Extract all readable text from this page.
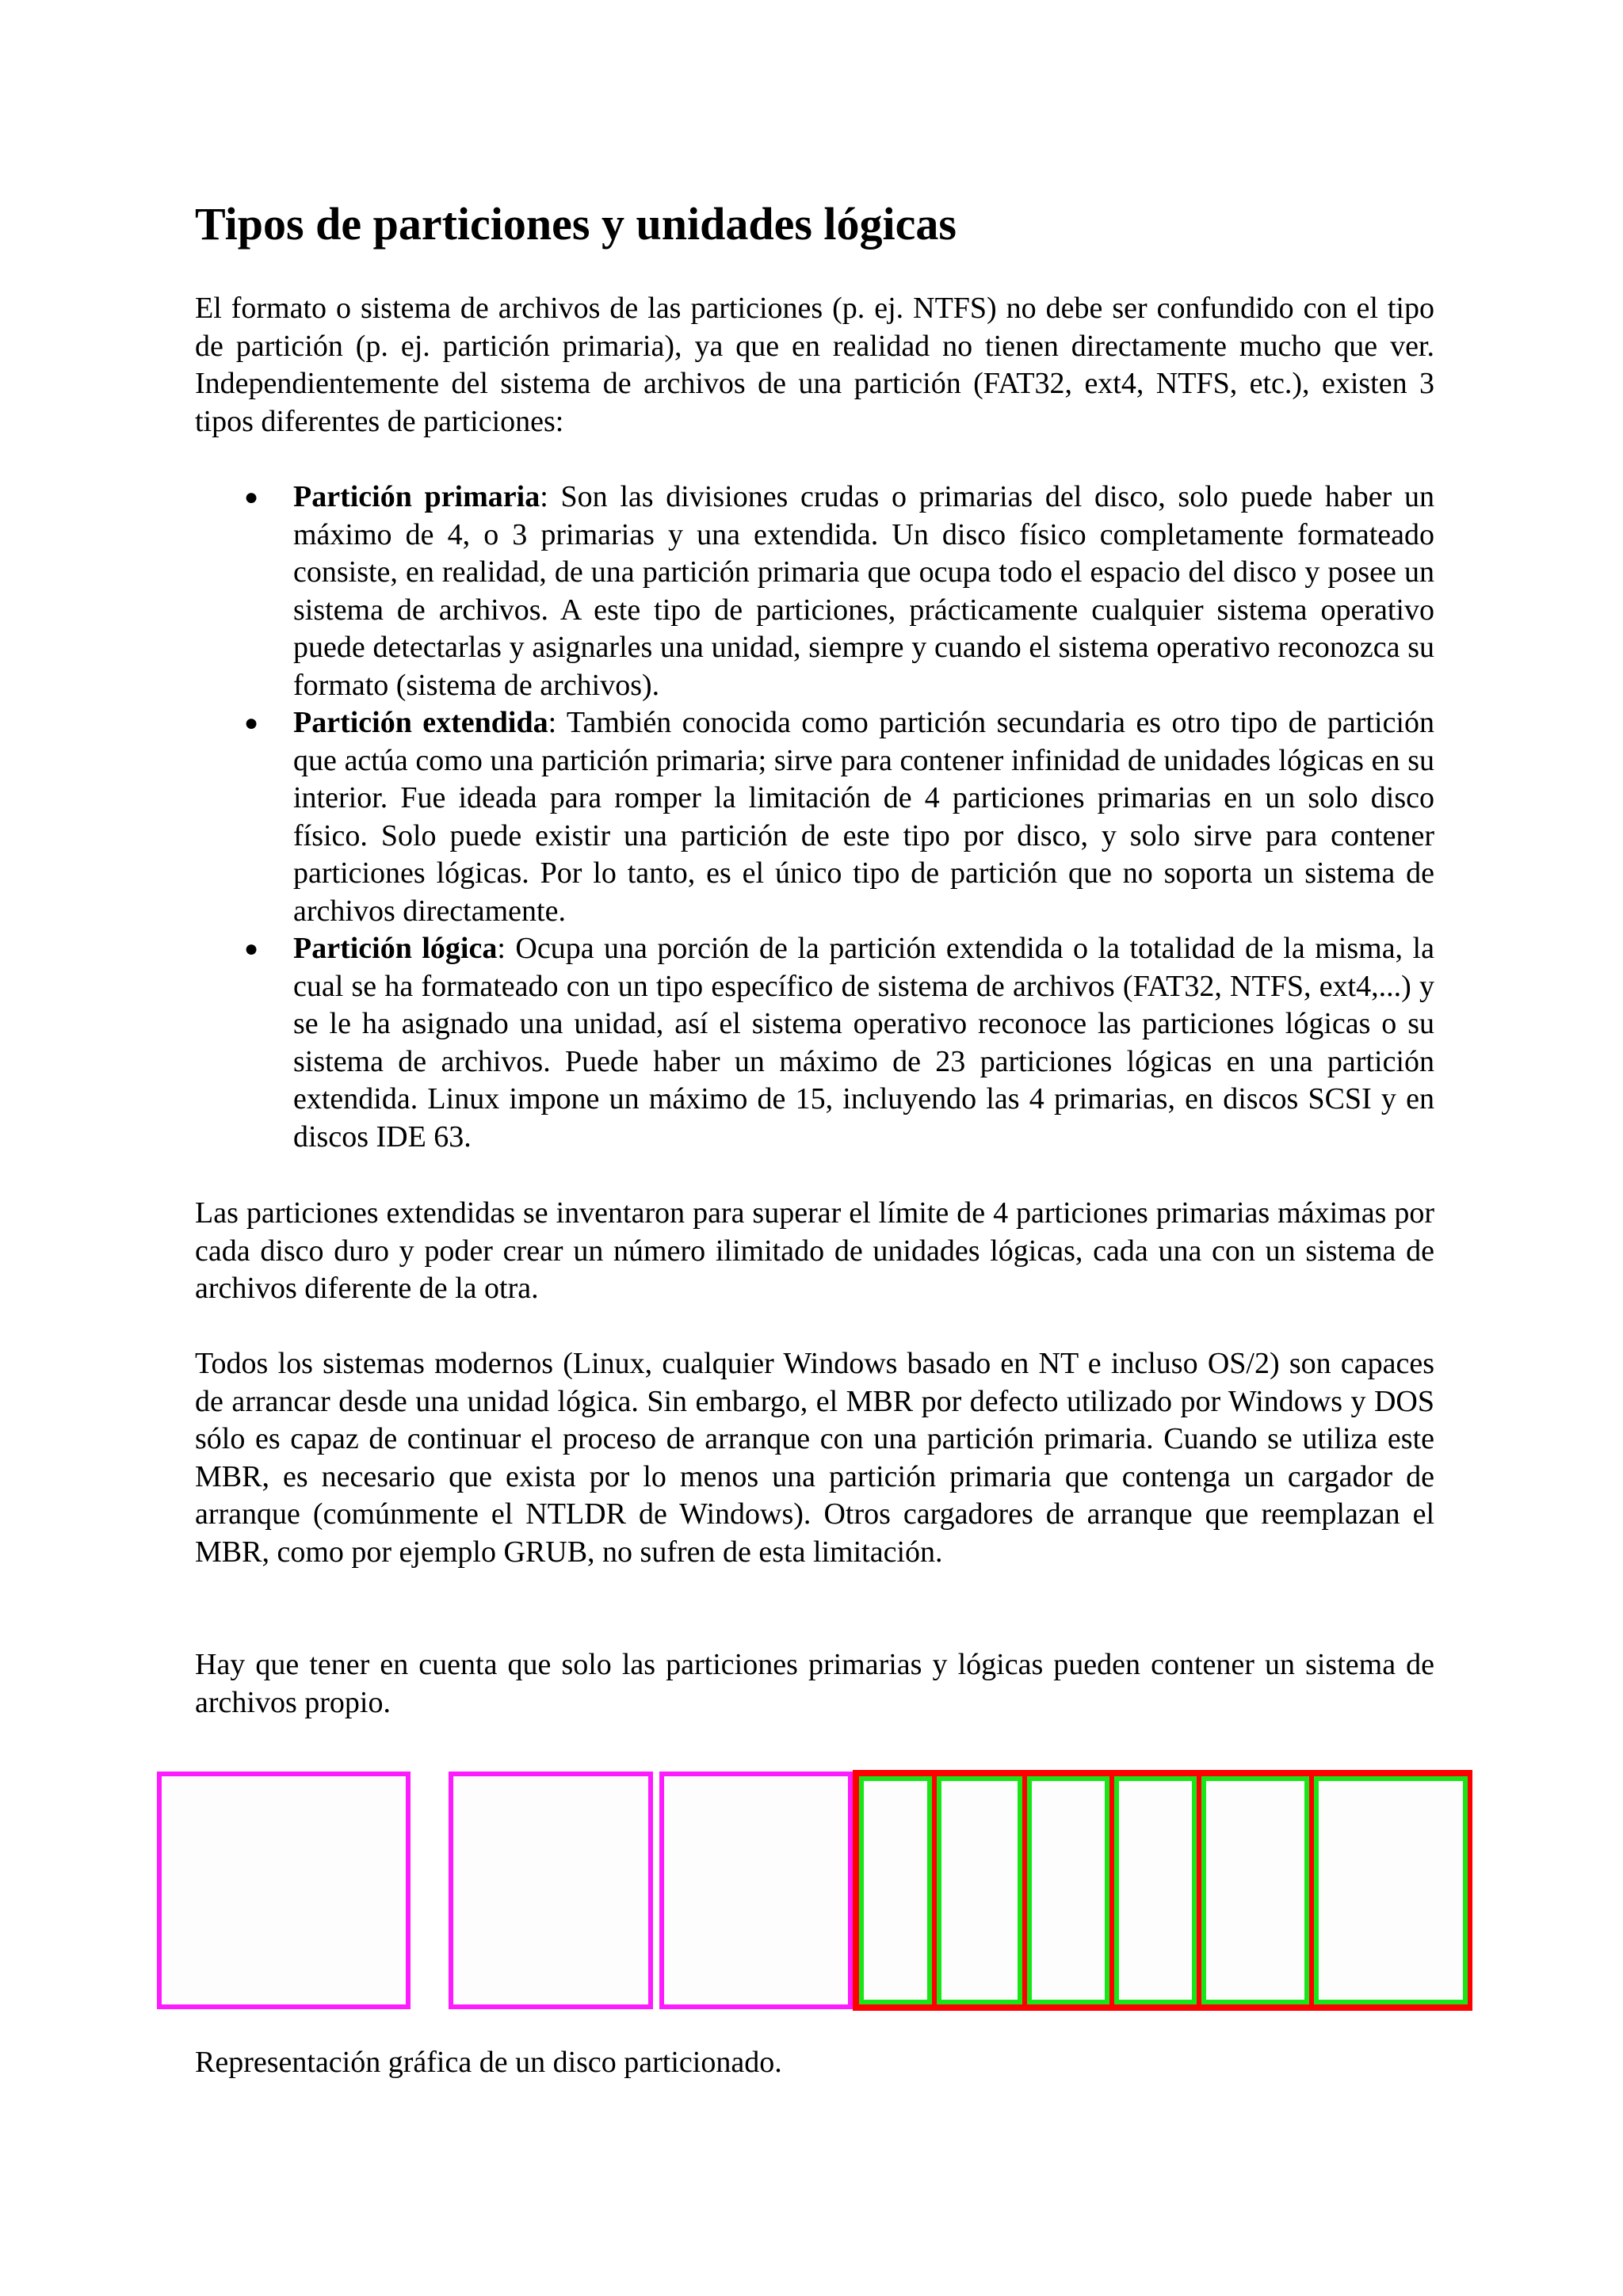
Tipos de particiones y unidades lógicas

El formato o sistema de archivos de las particiones (p. ej. NTFS) no debe ser confundido con el tipo de partición (p. ej. partición primaria), ya que en realidad no tienen directamente mucho que ver. Independientemente del sistema de archivos de una partición (FAT32, ext4, NTFS, etc.), existen 3 tipos diferentes de particiones:

● Partición primaria: Son las divisiones crudas o primarias del disco, solo puede haber un máximo de 4, o 3 primarias y una extendida. Un disco físico completamente formateado consiste, en realidad, de una partición primaria que ocupa todo el espacio del disco y posee un sistema de archivos. A este tipo de particiones, prácticamente cualquier sistema operativo puede detectarlas y asignarles una unidad, siempre y cuando el sistema operativo reconozca su formato (sistema de archivos).
● Partición extendida: También conocida como partición secundaria es otro tipo de partición que actúa como una partición primaria; sirve para contener infinidad de unidades lógicas en su interior. Fue ideada para romper la limitación de 4 particiones primarias en un solo disco físico. Solo puede existir una partición de este tipo por disco, y solo sirve para contener particiones lógicas. Por lo tanto, es el único tipo de partición que no soporta un sistema de archivos directamente.
● Partición lógica: Ocupa una porción de la partición extendida o la totalidad de la misma, la cual se ha formateado con un tipo específico de sistema de archivos (FAT32, NTFS, ext4,...) y se le ha asignado una unidad, así el sistema operativo reconoce las particiones lógicas o su sistema de archivos. Puede haber un máximo de 23 particiones lógicas en una partición extendida. Linux impone un máximo de 15, incluyendo las 4 primarias, en discos SCSI y en discos IDE 63.

Las particiones extendidas se inventaron para superar el límite de 4 particiones primarias máximas por cada disco duro y poder crear un número ilimitado de unidades lógicas, cada una con un sistema de archivos diferente de la otra.

Todos los sistemas modernos (Linux, cualquier Windows basado en NT e incluso OS/2) son capaces de arrancar desde una unidad lógica. Sin embargo, el MBR por defecto utilizado por Windows y DOS sólo es capaz de continuar el proceso de arranque con una partición primaria. Cuando se utiliza este MBR, es necesario que exista por lo menos una partición primaria que contenga un cargador de arranque (comúnmente el NTLDR de Windows). Otros cargadores de arranque que reemplazan el MBR, como por ejemplo GRUB, no sufren de esta limitación.

Hay que tener en cuenta que solo las particiones primarias y lógicas pueden contener un sistema de archivos propio.

Representación gráfica de un disco particionado.
